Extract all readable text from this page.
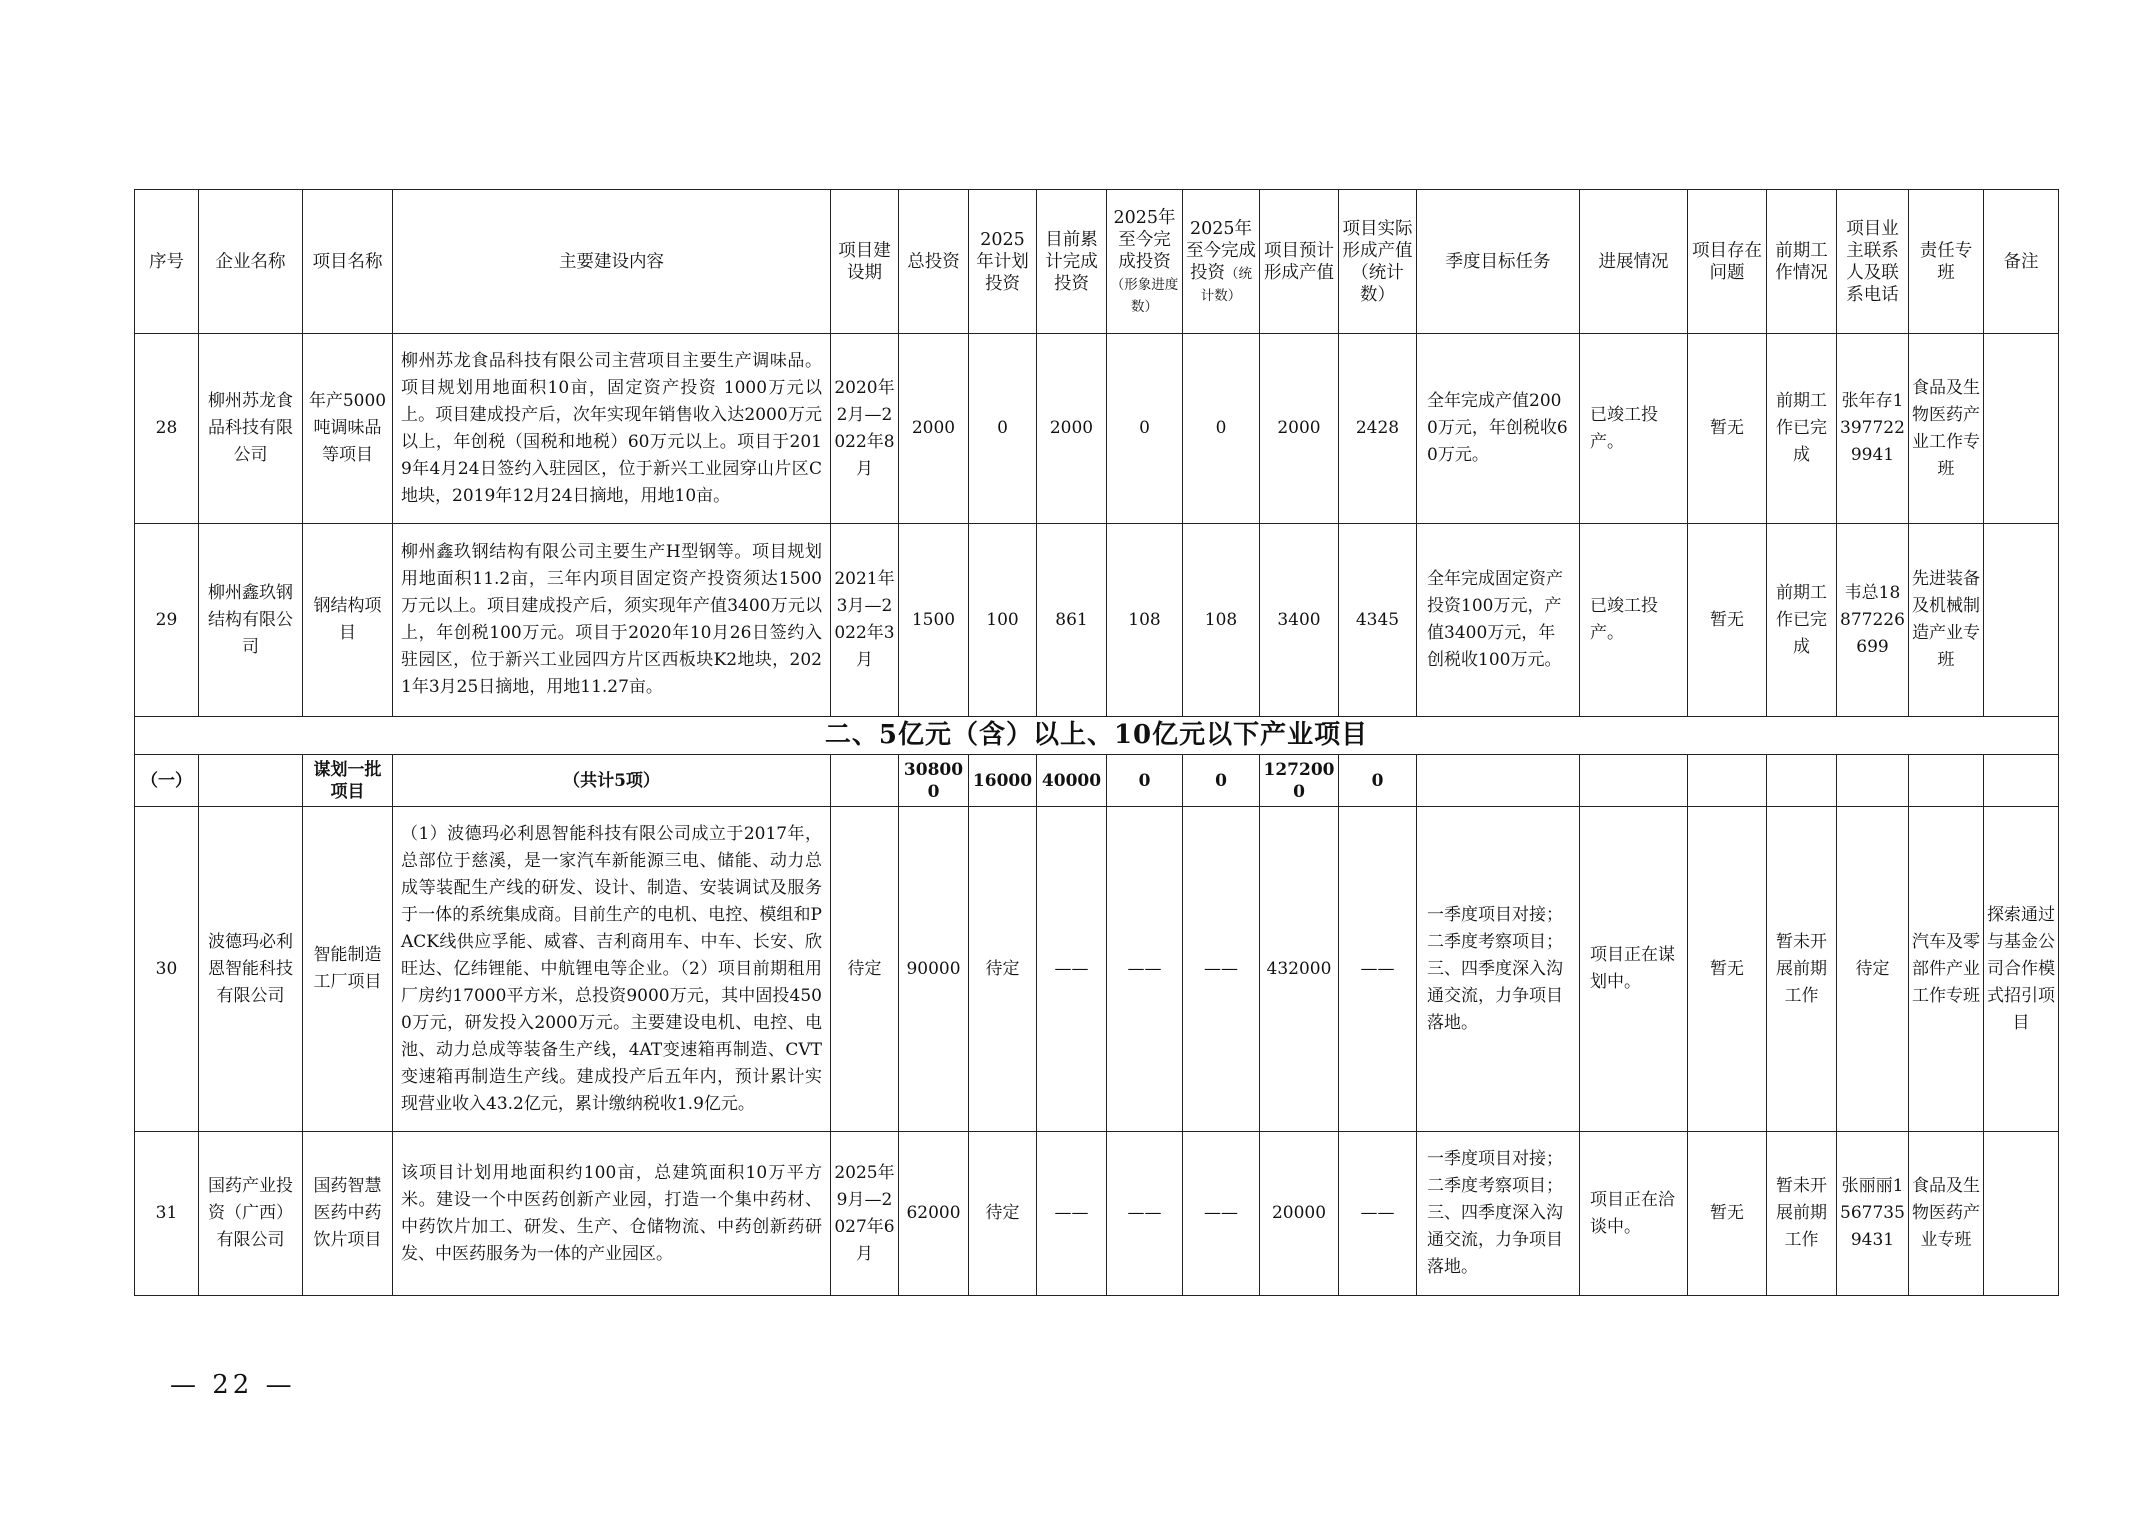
序号	企业名称	项目名称	主要建设内容	项目建设期	总投资	2025年计划投资	目前累计完成投资	2025年至今完成投资（形象进度数）	2025年至今完成投资（统计数）	项目预计形成产值	项目实际形成产值（统计数）	季度目标任务	进展情况	项目存在问题	前期工作情况	项目业主联系人及联系电话	责任专班	备注
28	柳州苏龙食品科技有限公司	年产5000吨调味品等项目	柳州苏龙食品科技有限公司主营项目主要生产调味品。项目规划用地面积10亩，固定资产投资 1000万元以上。项目建成投产后，次年实现年销售收入达2000万元以上，年创税（国税和地税）60万元以上。项目于2019年4月24日签约入驻园区，位于新兴工业园穿山片区C地块，2019年12月24日摘地，用地10亩。	2020年2月—2022年8月	2000	0	2000	0	0	2000	2428	全年完成产值2000万元，年创税收60万元。	已竣工投产。	暂无	前期工作已完成	张年存13977229941	食品及生物医药产业工作专班	
29	柳州鑫玖钢结构有限公司	钢结构项目	柳州鑫玖钢结构有限公司主要生产H型钢等。项目规划用地面积11.2亩，三年内项目固定资产投资须达1500万元以上。项目建成投产后，须实现年产值3400万元以上，年创税100万元。项目于2020年10月26日签约入驻园区，位于新兴工业园四方片区西板块K2地块，2021年3月25日摘地，用地11.27亩。	2021年3月—2022年3月	1500	100	861	108	108	3400	4345	全年完成固定资产投资100万元，产值3400万元，年创税收100万元。	已竣工投产。	暂无	前期工作已完成	韦总18877226699	先进装备及机械制造产业专班	
二、5亿元（含）以上、10亿元以下产业项目																		
（一）		谋划一批项目	（共计5项）		308000	16000	40000	0	0	1272000	0							
30	波德玛必利恩智能科技有限公司	智能制造工厂项目	（1）波德玛必利恩智能科技有限公司成立于2017年，总部位于慈溪，是一家汽车新能源三电、储能、动力总成等装配生产线的研发、设计、制造、安装调试及服务于一体的系统集成商。目前生产的电机、电控、模组和PACK线供应孚能、威睿、吉利商用车、中车、长安、欣旺达、亿纬锂能、中航锂电等企业。（2）项目前期租用厂房约17000平方米，总投资9000万元，其中固投4500万元，研发投入2000万元。主要建设电机、电控、电池、动力总成等装备生产线，4AT变速箱再制造、CVT变速箱再制造生产线。建成投产后五年内，预计累计实现营业收入43.2亿元，累计缴纳税收1.9亿元。	待定	90000	待定	——	——	——	432000	——	一季度项目对接；二季度考察项目；三、四季度深入沟通交流，力争项目落地。	项目正在谋划中。	暂无	暂未开展前期工作	待定	汽车及零部件产业工作专班	探索通过与基金公司合作模式招引项目
31	国药产业投资（广西）有限公司	国药智慧医药中药饮片项目	该项目计划用地面积约100亩，总建筑面积10万平方米。建设一个中医药创新产业园，打造一个集中药材、中药饮片加工、研发、生产、仓储物流、中药创新药研发、中医药服务为一体的产业园区。	2025年9月—2027年6月	62000	待定	——	——	——	20000	——	一季度项目对接；二季度考察项目；三、四季度深入沟通交流，力争项目落地。	项目正在洽谈中。	暂无	暂未开展前期工作	张丽丽15677359431	食品及生物医药产业专班	
— 22 —
